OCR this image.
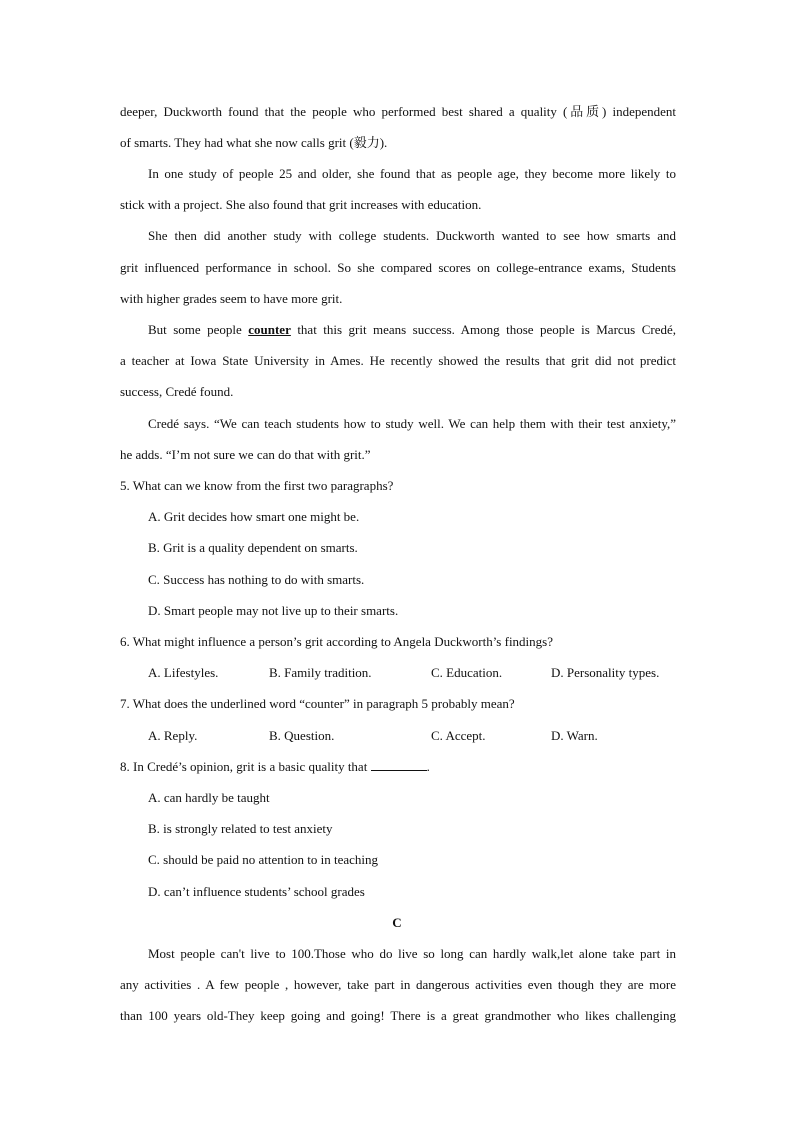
deeper, Duckworth found that the people who performed best shared a quality (品质) independent
of smarts. They had what she now calls grit (毅力).
In one study of people 25 and older, she found that as people age, they become more likely to
stick with a project. She also found that grit increases with education.
She then did another study with college students. Duckworth wanted to see how smarts and
grit influenced performance in school. So she compared scores on college-entrance exams, Students
with higher grades seem to have more grit.
But some people counter that this grit means success. Among those people is Marcus Credé,
a teacher at Iowa State University in Ames. He recently showed the results that grit did not predict
success, Credé found.
Credé says. “We can teach students how to study well. We can help them with their test anxiety,”
he adds. “I’m not sure we can do that with grit.”
5. What can we know from the first two paragraphs?
A. Grit decides how smart one might be.
B. Grit is a quality dependent on smarts.
C. Success has nothing to do with smarts.
D. Smart people may not live up to their smarts.
6. What might influence a person’s grit according to Angela Duckworth’s findings?
A. Lifestyles.	B. Family tradition.	C. Education.	D. Personality types.
7. What does the underlined word “counter” in paragraph 5 probably mean?
A. Reply.	B. Question.	C. Accept.	D. Warn.
8. In Credé’s opinion, grit is a basic quality that	.
A. can hardly be taught
B. is strongly related to test anxiety
C. should be paid no attention to in teaching
D. can’t influence students’ school grades
C
Most people can't live to 100.Those who do live so long can hardly walk,let alone take part in
any activities . A few people , however, take part in dangerous activities even though they are more
than 100 years old-They keep going and going! There is a great grandmother who likes challenging
